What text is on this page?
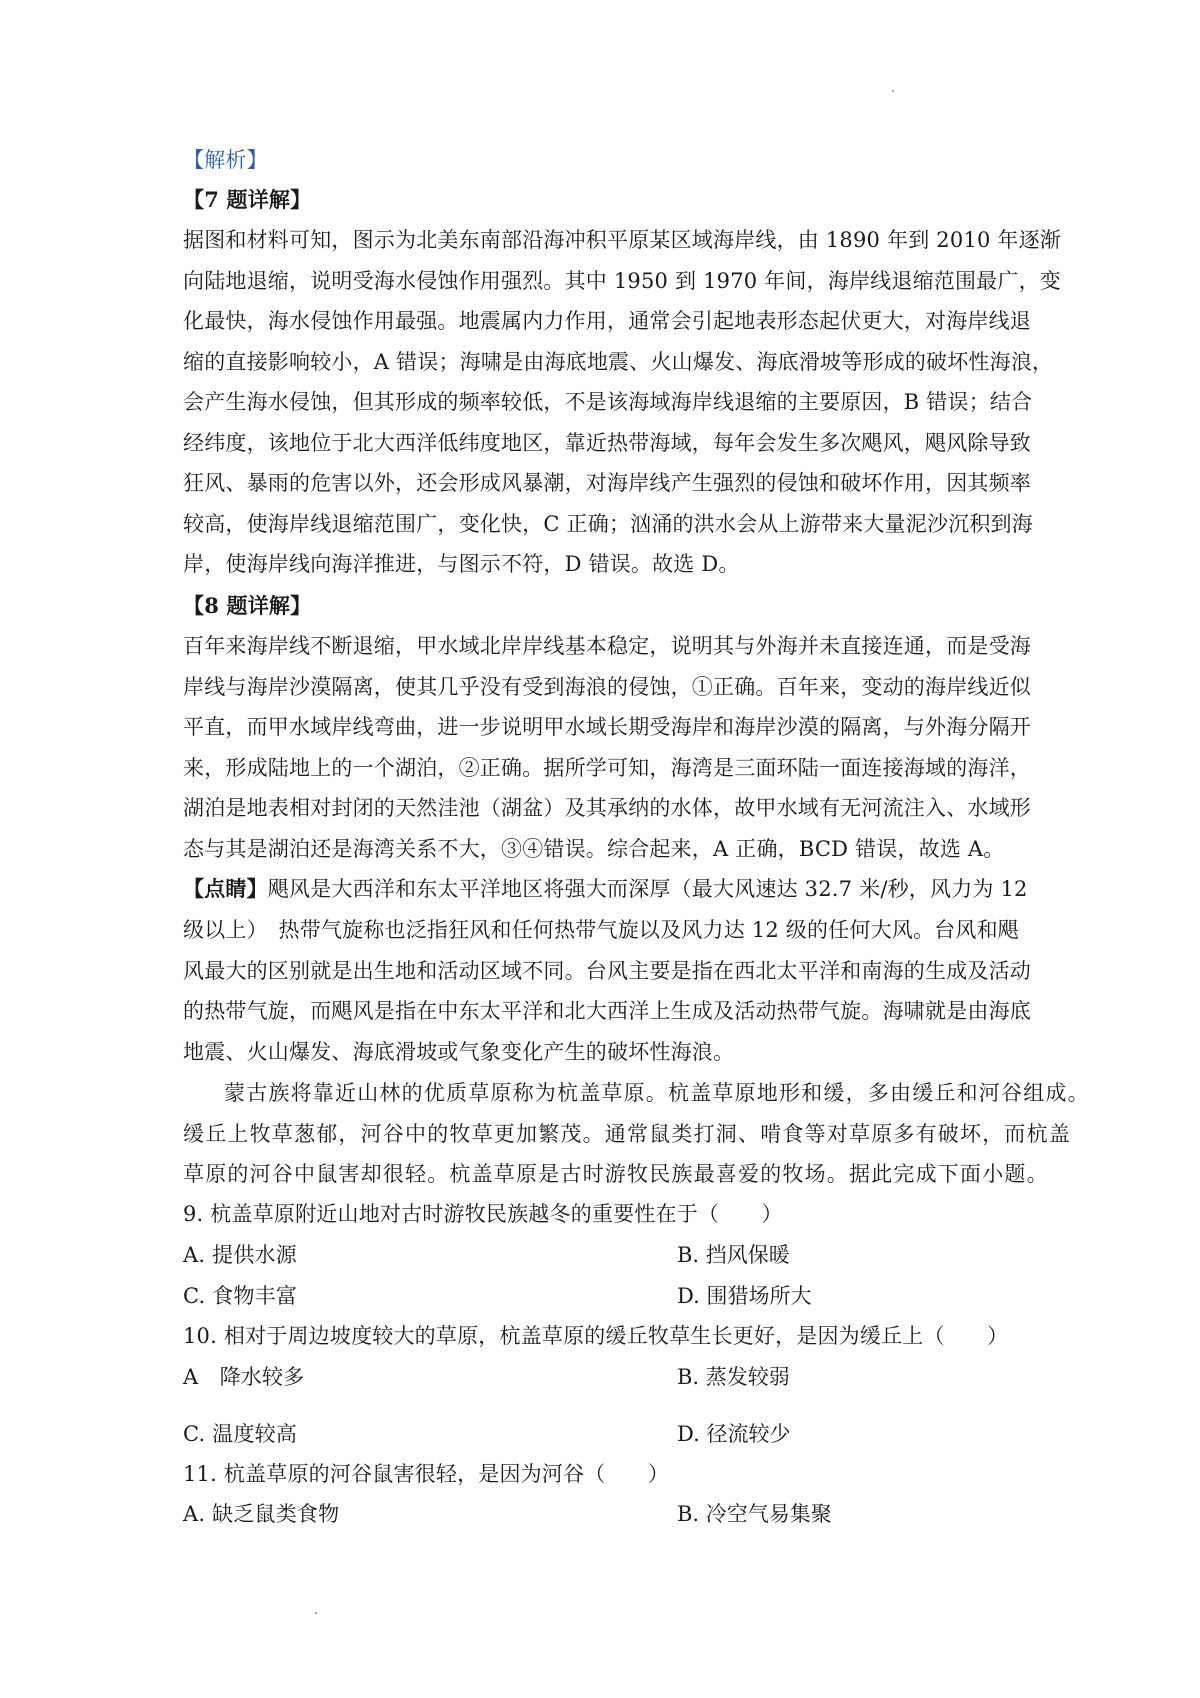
【解析】
【7 题详解】
据图和材料可知，图示为北美东南部沿海冲积平原某区域海岸线，由 1890 年到 2010 年逐渐
向陆地退缩，说明受海水侵蚀作用强烈。其中 1950 到 1970 年间，海岸线退缩范围最广，变
化最快，海水侵蚀作用最强。地震属内力作用，通常会引起地表形态起伏更大，对海岸线退
缩的直接影响较小，A 错误；海啸是由海底地震、火山爆发、海底滑坡等形成的破坏性海浪，
会产生海水侵蚀，但其形成的频率较低，不是该海域海岸线退缩的主要原因，B 错误；结合
经纬度，该地位于北大西洋低纬度地区，靠近热带海域，每年会发生多次飓风，飓风除导致
狂风、暴雨的危害以外，还会形成风暴潮，对海岸线产生强烈的侵蚀和破坏作用，因其频率
较高，使海岸线退缩范围广，变化快，C 正确；汹涌的洪水会从上游带来大量泥沙沉积到海
岸，使海岸线向海洋推进，与图示不符，D 错误。故选 D。
【8 题详解】
百年来海岸线不断退缩，甲水域北岸岸线基本稳定，说明其与外海并未直接连通，而是受海
岸线与海岸沙漠隔离，使其几乎没有受到海浪的侵蚀，①正确。百年来，变动的海岸线近似
平直，而甲水域岸线弯曲，进一步说明甲水域长期受海岸和海岸沙漠的隔离，与外海分隔开
来，形成陆地上的一个湖泊，②正确。据所学可知，海湾是三面环陆一面连接海域的海洋，
湖泊是地表相对封闭的天然洼池（湖盆）及其承纳的水体，故甲水域有无河流注入、水域形
态与其是湖泊还是海湾关系不大，③④错误。综合起来，A 正确，BCD 错误，故选 A。
【点睛】飓风是大西洋和东太平洋地区将强大而深厚（最大风速达 32.7 米/秒，风力为 12
级以上）　热带气旋称也泛指狂风和任何热带气旋以及风力达 12 级的任何大风。台风和飓
风最大的区别就是出生地和活动区域不同。台风主要是指在西北太平洋和南海的生成及活动
的热带气旋，而飓风是指在中东太平洋和北大西洋上生成及活动热带气旋。海啸就是由海底
地震、火山爆发、海底滑坡或气象变化产生的破坏性海浪。
蒙古族将靠近山林的优质草原称为杭盖草原。杭盖草原地形和缓，多由缓丘和河谷组成。
缓丘上牧草葱郁，河谷中的牧草更加繁茂。通常鼠类打洞、啃食等对草原多有破坏，而杭盖
草原的河谷中鼠害却很轻。杭盖草原是古时游牧民族最喜爱的牧场。据此完成下面小题。
9. 杭盖草原附近山地对古时游牧民族越冬的重要性在于（　　）
A. 提供水源	B. 挡风保暖
C. 食物丰富	D. 围猎场所大
10. 相对于周边坡度较大的草原，杭盖草原的缓丘牧草生长更好，是因为缓丘上（　　）
A　降水较多	B. 蒸发较弱
C. 温度较高	D. 径流较少
11. 杭盖草原的河谷鼠害很轻，是因为河谷（　　）
A. 缺乏鼠类食物	B. 冷空气易集聚
